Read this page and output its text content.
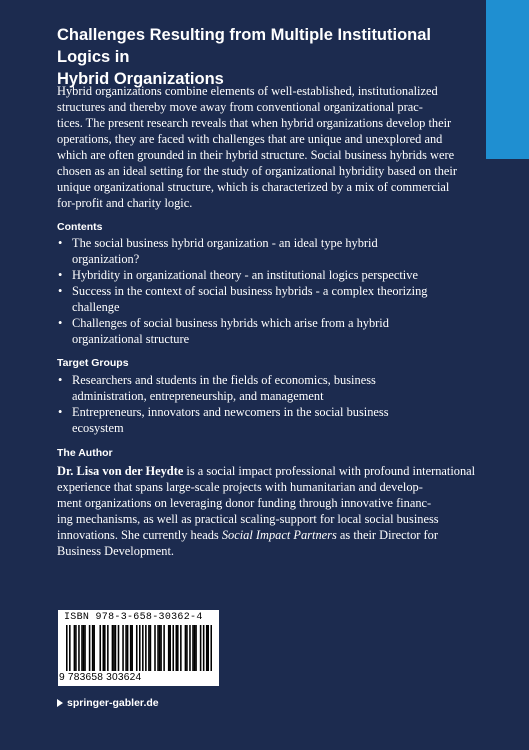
Challenges Resulting from Multiple Institutional Logics in
Hybrid Organizations
Hybrid organizations combine elements of well-established, institutionalized
structures and thereby move away from conventional organizational prac-
tices. The present research reveals that when hybrid organizations develop their
operations, they are faced with challenges that are unique and unexplored and
which are often grounded in their hybrid structure. Social business hybrids were
chosen as an ideal setting for the study of organizational hybridity based on their
unique organizational structure, which is characterized by a mix of commercial
for-profit and charity logic.
Contents
• The social business hybrid organization - an ideal type hybrid
organization?
• Hybridity in organizational theory - an institutional logics perspective
• Success in the context of social business hybrids - a complex theorizing
challenge
• Challenges of social business hybrids which arise from a hybrid
organizational structure
Target Groups
• Researchers and students in the fields of economics, business
administration, entrepreneurship, and management
• Entrepreneurs, innovators and newcomers in the social business
ecosystem
The Author
Dr. Lisa von der Heydte is a social impact professional with profound international
experience that spans large-scale projects with humanitarian and develop-
ment organizations on leveraging donor funding through innovative financ-
ing mechanisms, as well as practical scaling-support for local social business
innovations. She currently heads Social Impact Partners as their Director for
Business Development.
ISBN 978-3-658-30362-4
9 783658 303624
springer-gabler.de
